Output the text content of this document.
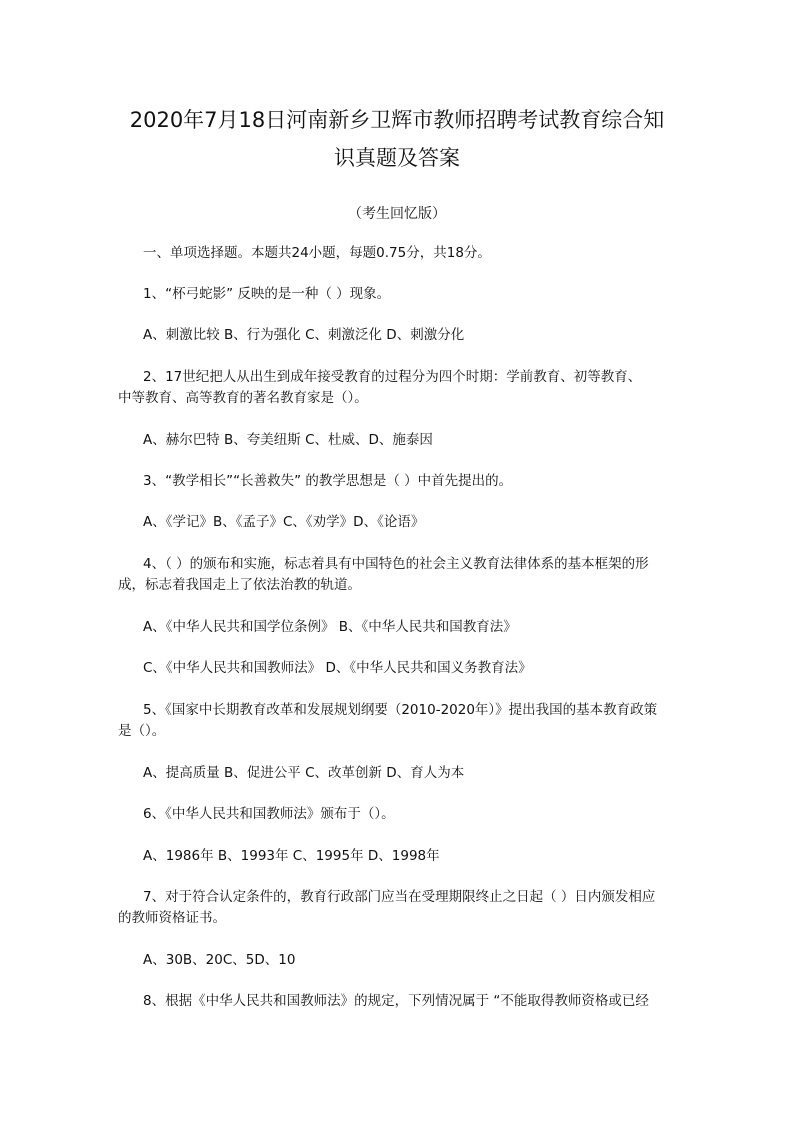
2020年7月18日河南新乡卫辉市教师招聘考试教育综合知
识真题及答案
（考生回忆版）
一、单项选择题。本题共24小题，每题0.75分，共18分。
1、“杯弓蛇影” 反映的是一种（ ）现象。
A、刺激比较 B、行为强化 C、刺激泛化 D、刺激分化
2、17世纪把人从出生到成年接受教育的过程分为四个时期：学前教育、初等教育、
中等教育、高等教育的著名教育家是（）。
A、赫尔巴特 B、夸美纽斯 C、杜威、D、施泰因
3、“教学相长”“长善救失” 的教学思想是（ ）中首先提出的。
A、《学记》B、《孟子》C、《劝学》D、《论语》
4、（ ）的颁布和实施，标志着具有中国特色的社会主义教育法律体系的基本框架的形
成，标志着我国走上了依法治教的轨道。
A、《中华人民共和国学位条例》 B、《中华人民共和国教育法》
C、《中华人民共和国教师法》 D、《中华人民共和国义务教育法》
5、《国家中长期教育改革和发展规划纲要（2010-2020年）》提出我国的基本教育政策
是（）。
A、提高质量 B、促进公平 C、改革创新 D、育人为本
6、《中华人民共和国教师法》颁布于（）。
A、1986年 B、1993年 C、1995年 D、1998年
7、对于符合认定条件的，教育行政部门应当在受理期限终止之日起（ ）日内颁发相应
的教师资格证书。
A、30B、20C、5D、10
8、根据《中华人民共和国教师法》的规定，下列情况属于 “不能取得教师资格或已经
